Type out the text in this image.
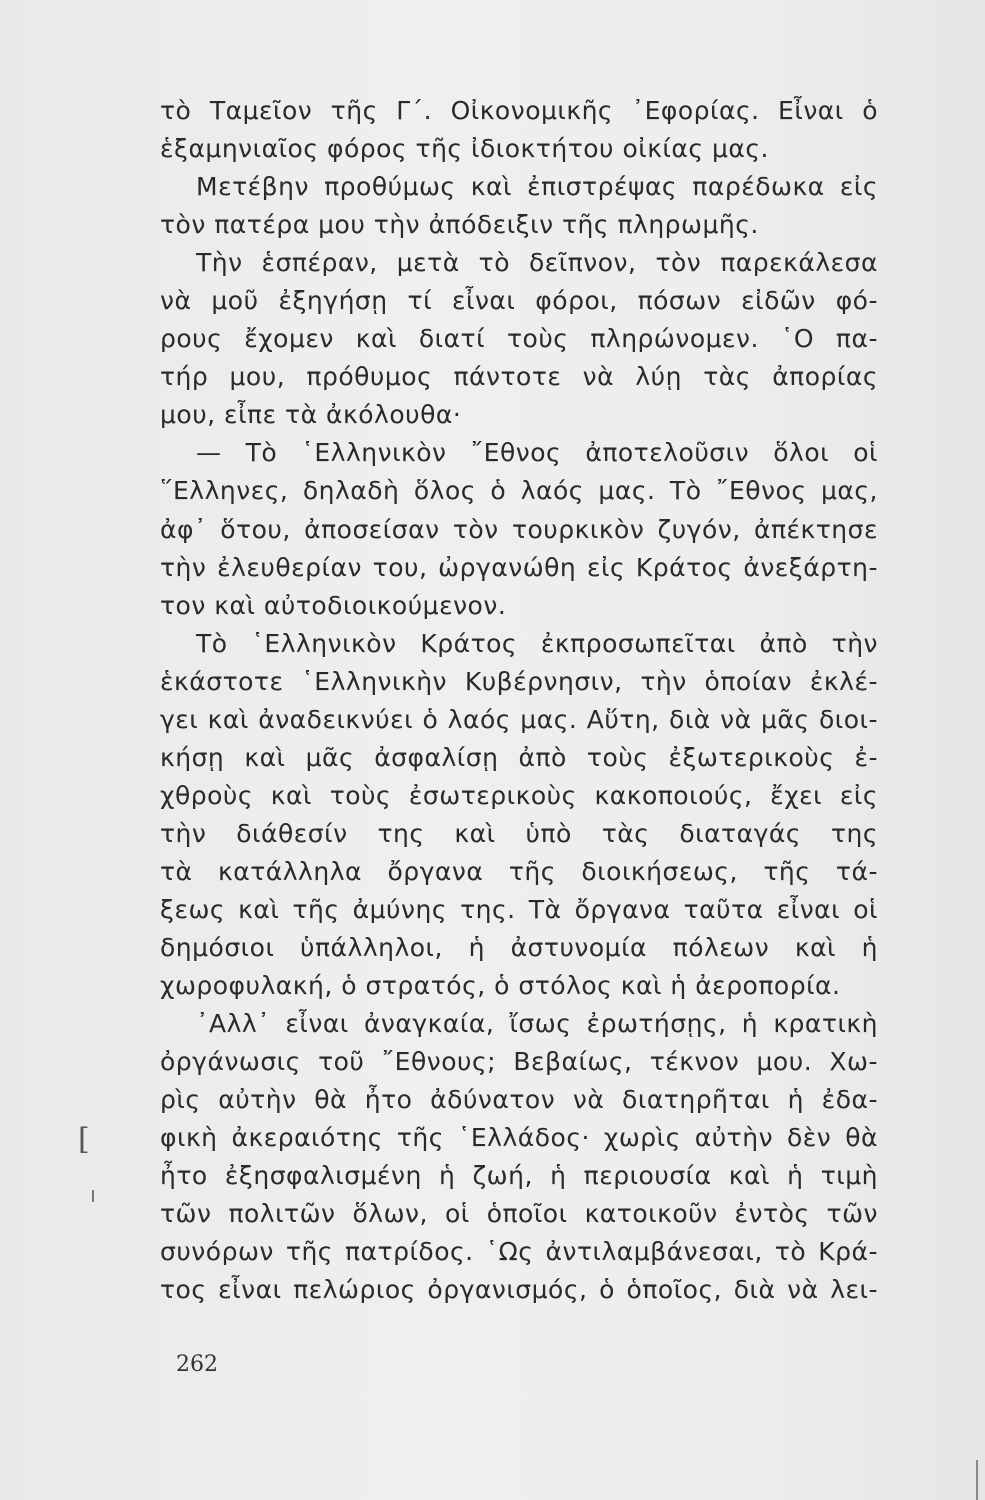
τὸ Ταμεῖον τῆς Γ΄. Οἰκονομικῆς ᾿Εφορίας. Εἶναι ὁ
ἑξαμηνιαῖος φόρος τῆς ἰδιοκτήτου οἰκίας μας.
Μετέβην προθύμως καὶ ἐπιστρέψας παρέδωκα εἰς
τὸν πατέρα μου τὴν ἀπόδειξιν τῆς πληρωμῆς.
Τὴν ἑσπέραν, μετὰ τὸ δεῖπνον, τὸν παρεκάλεσα
νὰ μοῦ ἐξηγήσῃ τί εἶναι φόροι, πόσων εἰδῶν φό-
ρους ἔχομεν καὶ διατί τοὺς πληρώνομεν. ῾Ο πα-
τήρ μου, πρόθυμος πάντοτε νὰ λύῃ τὰς ἀπορίας
μου, εἶπε τὰ ἀκόλουθα·
— Τὸ ῾Ελληνικὸν ῎Εθνος ἀποτελοῦσιν ὅλοι οἱ
῞Ελληνες, δηλαδὴ ὅλος ὁ λαός μας. Τὸ ῎Εθνος μας,
ἀφ᾿ ὅτου, ἀποσείσαν τὸν τουρκικὸν ζυγόν, ἀπέκτησε
τὴν ἐλευθερίαν του, ὠργανώθη εἰς Κράτος ἀνεξάρτη-
τον καὶ αὐτοδιοικούμενον.
Τὸ ῾Ελληνικὸν Κράτος ἐκπροσωπεῖται ἀπὸ τὴν
ἑκάστοτε ῾Ελληνικὴν Κυβέρνησιν, τὴν ὁποίαν ἐκλέ-
γει καὶ ἀναδεικνύει ὁ λαός μας. Αὕτη, διὰ νὰ μᾶς διοι-
κήσῃ καὶ μᾶς ἀσφαλίσῃ ἀπὸ τοὺς ἐξωτερικοὺς ἐ-
χθροὺς καὶ τοὺς ἐσωτερικοὺς κακοποιούς, ἔχει εἰς
τὴν διάθεσίν της καὶ ὑπὸ τὰς διαταγάς της
τὰ κατάλληλα ὄργανα τῆς διοικήσεως, τῆς τά-
ξεως καὶ τῆς ἀμύνης της. Τὰ ὄργανα ταῦτα εἶναι οἱ
δημόσιοι ὑπάλληλοι, ἡ ἀστυνομία πόλεων καὶ ἡ
χωροφυλακή, ὁ στρατός, ὁ στόλος καὶ ἡ ἀεροπορία.
᾿Αλλ᾿ εἶναι ἀναγκαία, ἴσως ἐρωτήσῃς, ἡ κρατικὴ
ὀργάνωσις τοῦ ῎Εθνους; Βεβαίως, τέκνον μου. Χω-
ρὶς αὐτὴν θὰ ἦτο ἀδύνατον νὰ διατηρῆται ἡ ἐδα-
φικὴ ἀκεραιότης τῆς ῾Ελλάδος· χωρὶς αὐτὴν δὲν θὰ
ἦτο ἐξησφαλισμένη ἡ ζωή, ἡ περιουσία καὶ ἡ τιμὴ
τῶν πολιτῶν ὅλων, οἱ ὁποῖοι κατοικοῦν ἐντὸς τῶν
συνόρων τῆς πατρίδος. ῾Ως ἀντιλαμβάνεσαι, τὸ Κρά-
τος εἶναι πελώριος ὀργανισμός, ὁ ὁποῖος, διὰ νὰ λει-
262
[
